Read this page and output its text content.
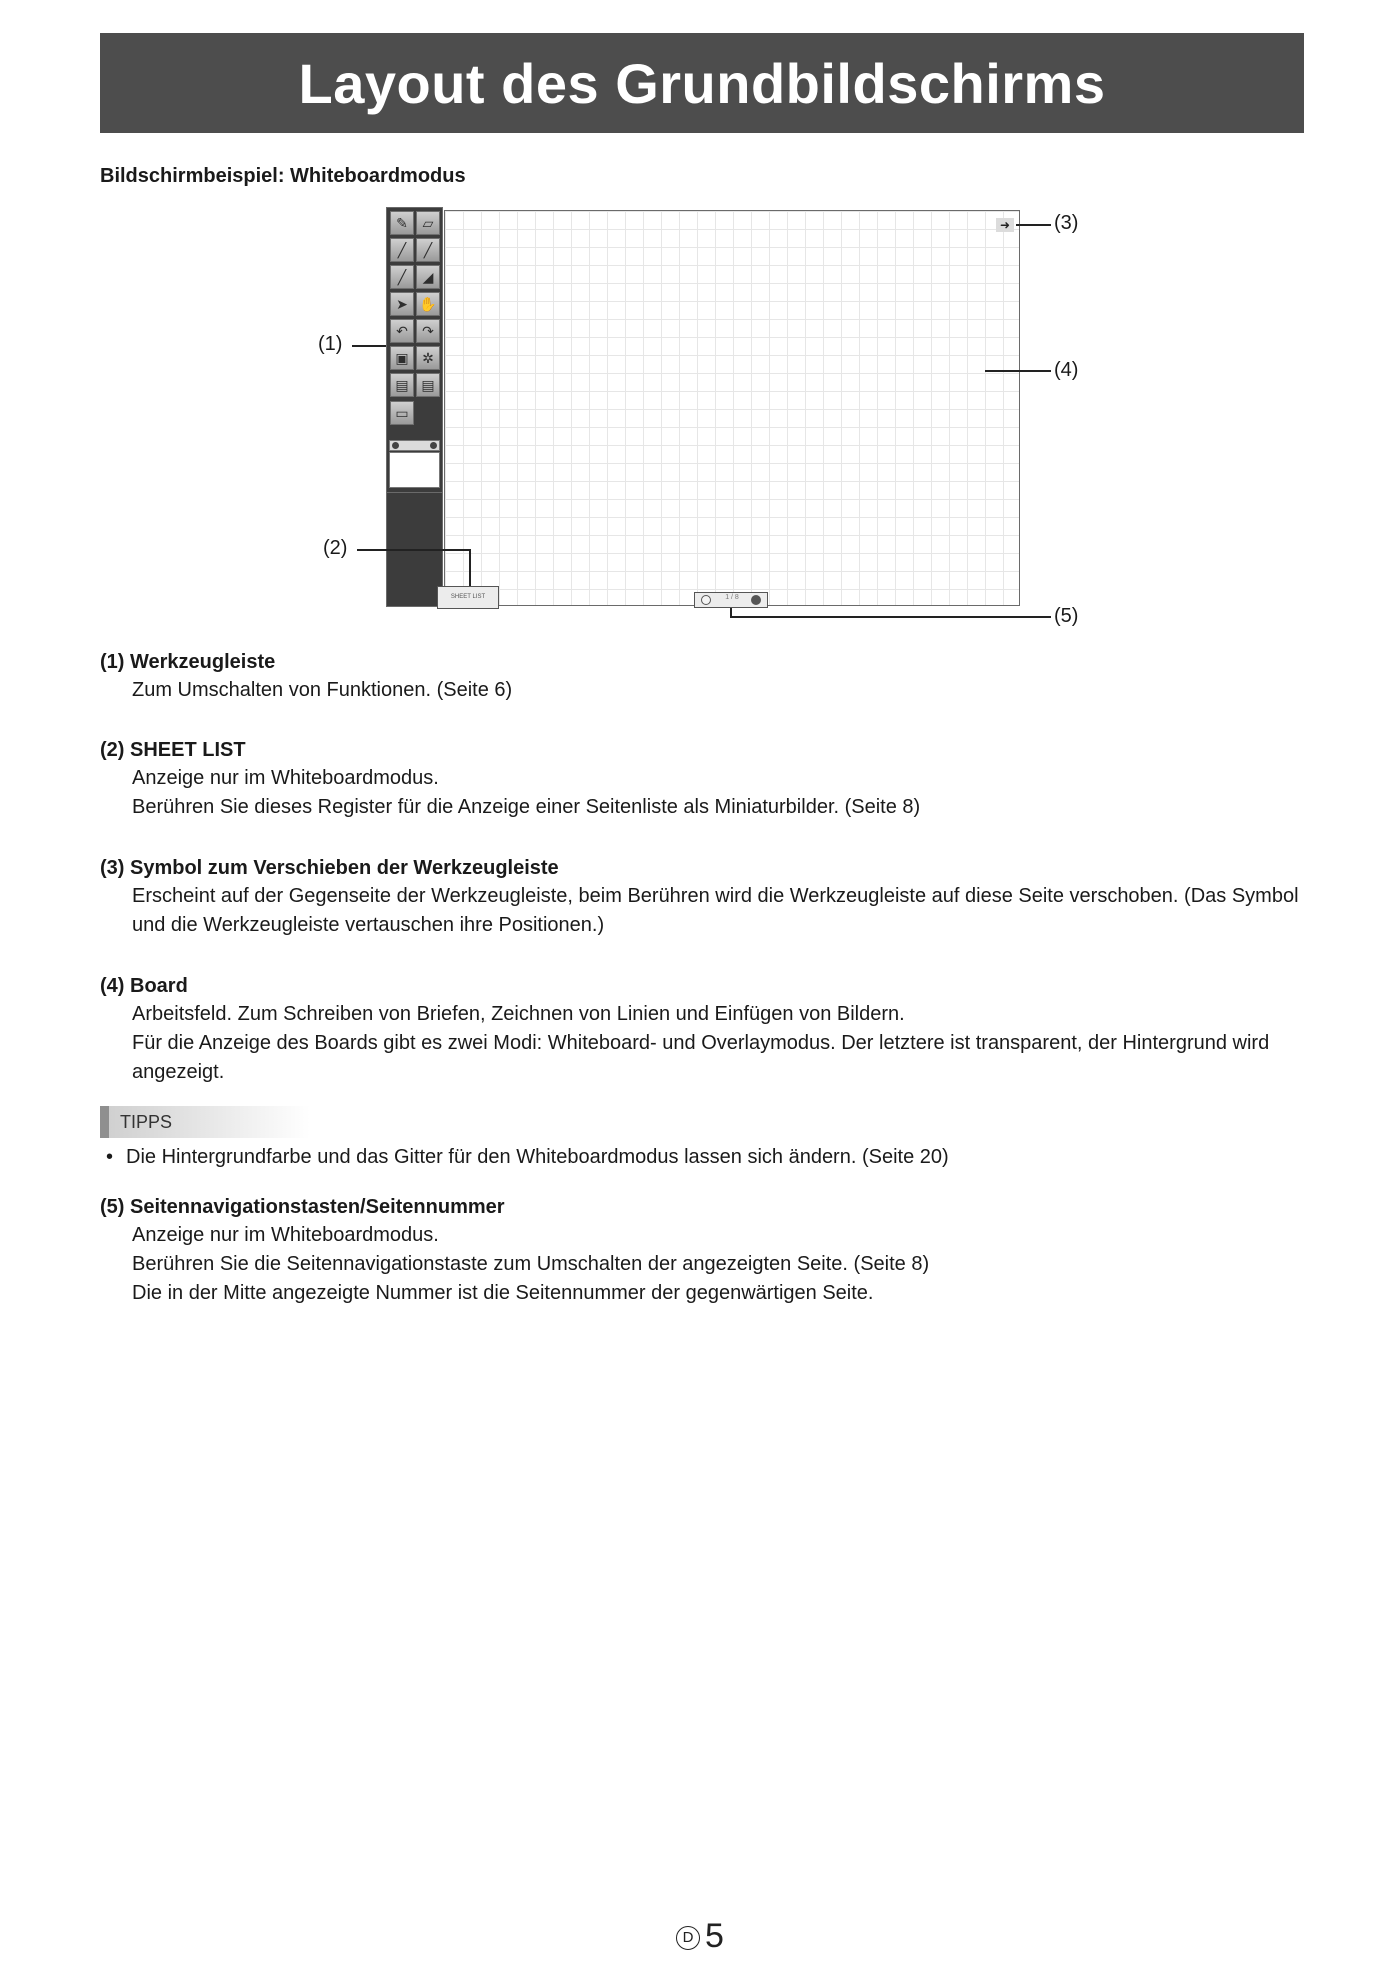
Layout des Grundbildschirms
Bildschirmbeispiel: Whiteboardmodus
✎	▱
╱	╱
╱	◢
➤ ✋
↶	↷
▣ ✲
▤ ▤
▭
SHEET LIST	1 / 8
➜
(1)
(2)
(3)
(4)
(5)
(1) Werkzeugleiste

Zum Umschalten von Funktionen. (Seite 6)

(2) SHEET LIST

Anzeige nur im Whiteboardmodus.

Berühren Sie dieses Register für die Anzeige einer Seitenliste als Miniaturbilder. (Seite 8)

(3) Symbol zum Verschieben der Werkzeugleiste

Erscheint auf der Gegenseite der Werkzeugleiste, beim Berühren wird die Werkzeugleiste auf diese Seite verschoben. (Das Symbol und die Werkzeugleiste vertauschen ihre Positionen.)

(4) Board

Arbeitsfeld. Zum Schreiben von Briefen, Zeichnen von Linien und Einfügen von Bildern.

Für die Anzeige des Boards gibt es zwei Modi: Whiteboard- und Overlaymodus. Der letztere ist transparent, der Hintergrund wird angezeigt.

TIPPS
• Die Hintergrundfarbe und das Gitter für den Whiteboardmodus lassen sich ändern. (Seite 20)
(5) Seitennavigationstasten/Seitennummer

Anzeige nur im Whiteboardmodus.

Berühren Sie die Seitennavigationstaste zum Umschalten der angezeigten Seite. (Seite 8)

Die in der Mitte angezeigte Nummer ist die Seitennummer der gegenwärtigen Seite.

D 5
